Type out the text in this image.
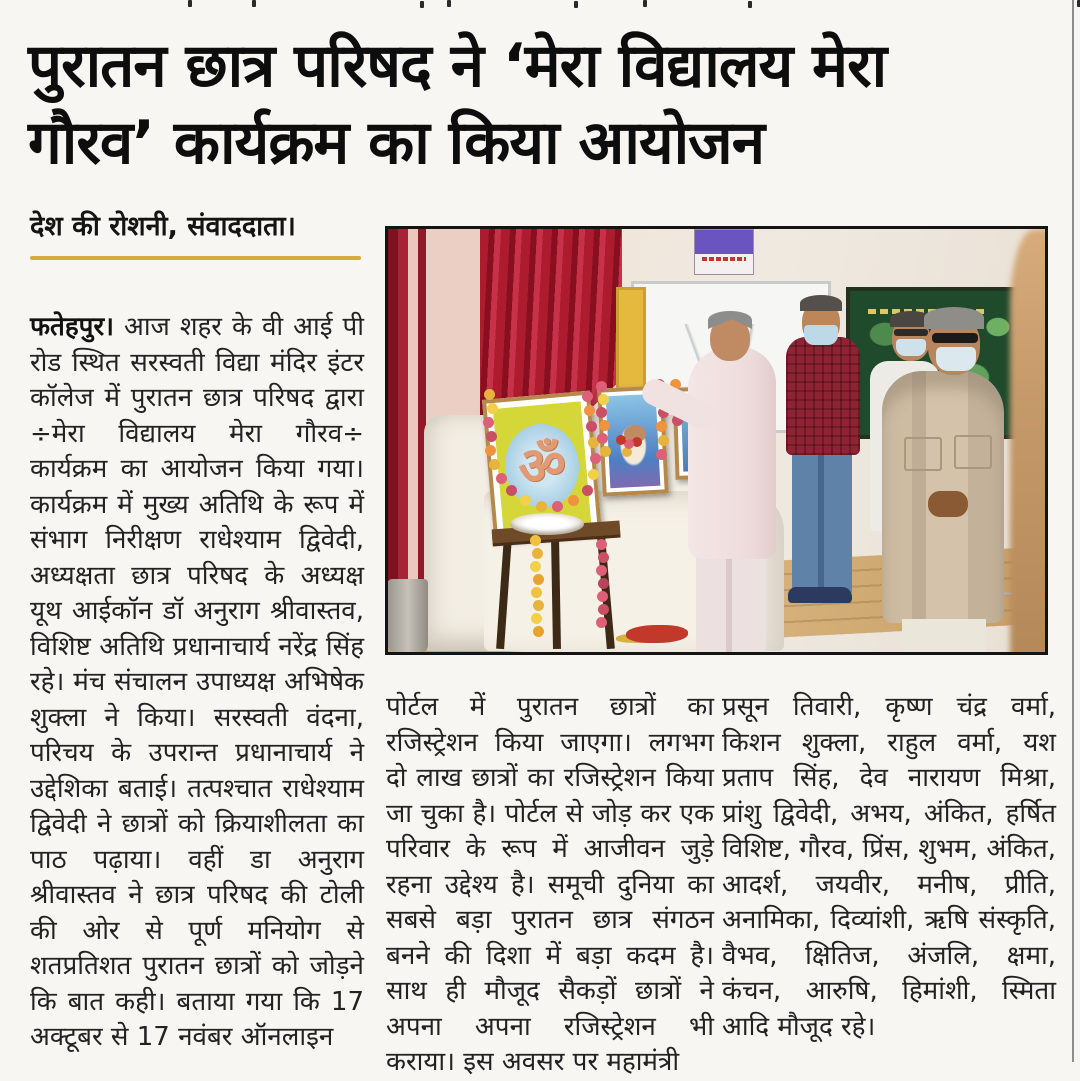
पुरातन छात्र परिषद ने ‘मेरा विद्यालय मेरा गौरव’ कार्यक्रम का किया आयोजन
देश की रोशनी, संवाददाता।

फतेहपुर। आज शहर के वी आई पी रोड स्थित सरस्वती विद्या मंदिर इंटर कॉलेज में पुरातन छात्र परिषद द्वारा ÷मेरा विद्यालय मेरा गौरव÷ कार्यक्रम का आयोजन किया गया। कार्यक्रम में मुख्य अतिथि के रूप में संभाग निरीक्षण राधेश्याम द्विवेदी, अध्यक्षता छात्र परिषद के अध्यक्ष यूथ आईकॉन डॉ अनुराग श्रीवास्तव, विशिष्ट अतिथि प्रधानाचार्य नरेंद्र सिंह रहे। मंच संचालन उपाध्यक्ष अभिषेक शुक्ला ने किया। सरस्वती वंदना, परिचय के उपरान्त प्रधानाचार्य ने उद्देशिका बताई। तत्पश्चात राधेश्याम द्विवेदी ने छात्रों को क्रियाशीलता का पाठ पढ़ाया। वहीं डा अनुराग श्रीवास्तव ने छात्र परिषद की टोली की ओर से पूर्ण मनियोग से शतप्रतिशत पुरातन छात्रों को जोड़ने कि बात कही। बताया गया कि 17 अक्टूबर से 17 नवंबर ऑनलाइन

ॐ

पोर्टल में पुरातन छात्रों का रजिस्ट्रेशन किया जाएगा। लगभग दो लाख छात्रों का रजिस्ट्रेशन किया जा चुका है। पोर्टल से जोड़ कर एक परिवार के रूप में आजीवन जुड़े रहना उद्देश्य है। समूची दुनिया का सबसे बड़ा पुरातन छात्र संगठन बनने की दिशा में बड़ा कदम है। साथ ही मौजूद सैकड़ों छात्रों ने अपना अपना रजिस्ट्रेशन भी कराया। इस अवसर पर महामंत्री

प्रसून तिवारी, कृष्ण चंद्र वर्मा, किशन शुक्ला, राहुल वर्मा, यश प्रताप सिंह, देव नारायण मिश्रा, प्रांशु द्विवेदी, अभय, अंकित, हर्षित विशिष्ट, गौरव, प्रिंस, शुभम, अंकित, आदर्श, जयवीर, मनीष, प्रीति, अनामिका, दिव्यांशी, ऋषि संस्कृति, वैभव, क्षितिज, अंजलि, क्षमा, कंचन, आरुषि, हिमांशी, स्मिता आदि मौजूद रहे।
